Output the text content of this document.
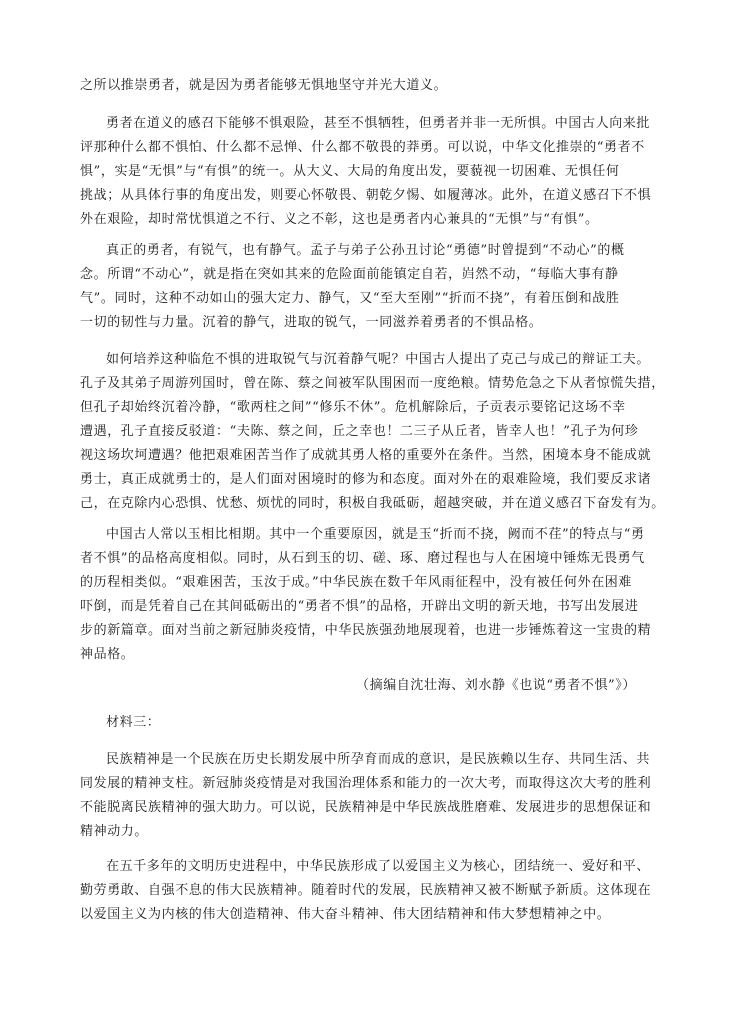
之所以推崇勇者，就是因为勇者能够无惧地坚守并光大道义。
勇者在道义的感召下能够不惧艰险，甚至不惧牺牲，但勇者并非一无所惧。中国古人向来批
评那种什么都不惧怕、什么都不忌惮、什么都不敬畏的莽勇。可以说，中华文化推崇的“勇者不
惧”，实是“无惧”与“有惧”的统一。从大义、大局的角度出发，要藐视一切困难、无惧任何
挑战；从具体行事的角度出发，则要心怀敬畏、朝乾夕惕、如履薄冰。此外，在道义感召下不惧
外在艰险，却时常忧惧道之不行、义之不彰，这也是勇者内心兼具的“无惧”与“有惧”。
真正的勇者，有锐气，也有静气。孟子与弟子公孙丑讨论“勇德”时曾提到“不动心”的概
念。所谓“不动心”，就是指在突如其来的危险面前能镇定自若，岿然不动，“每临大事有静
气”。同时，这种不动如山的强大定力、静气，又“至大至刚”“折而不挠”，有着压倒和战胜
一切的韧性与力量。沉着的静气，进取的锐气，一同滋养着勇者的不惧品格。
如何培养这种临危不惧的进取锐气与沉着静气呢？中国古人提出了克己与成己的辩证工夫。
孔子及其弟子周游列国时，曾在陈、蔡之间被军队围困而一度绝粮。情势危急之下从者惊慌失措，
但孔子却始终沉着冷静，“歌两柱之间”“修乐不休”。危机解除后，子贡表示要铭记这场不幸
遭遇，孔子直接反驳道：“夫陈、蔡之间，丘之幸也！二三子从丘者，皆幸人也！”孔子为何珍
视这场坎坷遭遇？他把艰难困苦当作了成就其勇人格的重要外在条件。当然，困境本身不能成就
勇士，真正成就勇士的，是人们面对困境时的修为和态度。面对外在的艰难险境，我们要反求诸
己，在克除内心恐惧、忧愁、烦忧的同时，积极自我砥砺，超越突破，并在道义感召下奋发有为。
中国古人常以玉相比相期。其中一个重要原因，就是玉“折而不挠，阙而不荏”的特点与“勇
者不惧”的品格高度相似。同时，从石到玉的切、磋、琢、磨过程也与人在困境中锤炼无畏勇气
的历程相类似。“艰难困苦，玉汝于成。”中华民族在数千年风雨征程中，没有被任何外在困难
吓倒，而是凭着自己在其间砥砺出的“勇者不惧”的品格，开辟出文明的新天地，书写出发展进
步的新篇章。面对当前之新冠肺炎疫情，中华民族强劲地展现着，也进一步锤炼着这一宝贵的精
神品格。
（摘编自沈壮海、刘水静《也说“勇者不惧”》）
材料三：
民族精神是一个民族在历史长期发展中所孕育而成的意识，是民族赖以生存、共同生活、共
同发展的精神支柱。新冠肺炎疫情是对我国治理体系和能力的一次大考，而取得这次大考的胜利
不能脱离民族精神的强大助力。可以说，民族精神是中华民族战胜磨难、发展进步的思想保证和
精神动力。
在五千多年的文明历史进程中，中华民族形成了以爱国主义为核心，团结统一、爱好和平、
勤劳勇敢、自强不息的伟大民族精神。随着时代的发展，民族精神又被不断赋予新质。这体现在
以爱国主义为内核的伟大创造精神、伟大奋斗精神、伟大团结精神和伟大梦想精神之中。
